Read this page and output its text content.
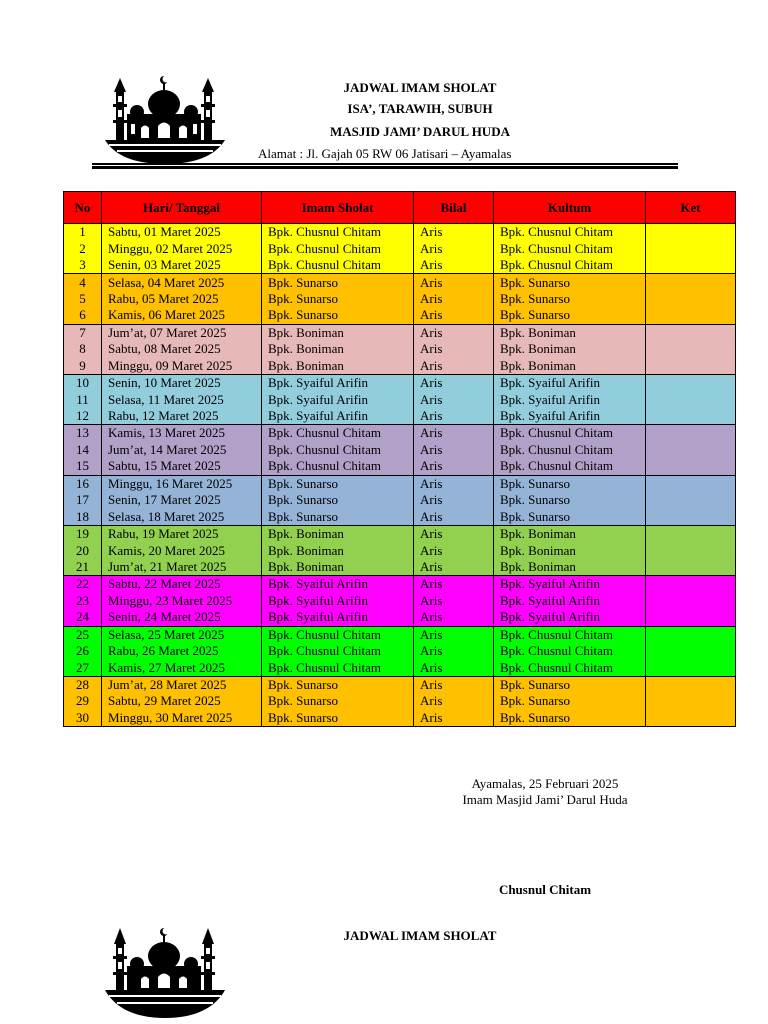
JADWAL IMAM SHOLAT
ISA’, TARAWIH, SUBUH
MASJID JAMI’ DARUL HUDA
Alamat : Jl. Gajah 05 RW 06 Jatisari – Ayamalas
No	Hari/ Tanggal	Imam Sholat	Bilal	Kultum	Ket
1	Sabtu, 01 Maret 2025	Bpk. Chusnul Chitam	Aris	Bpk. Chusnul Chitam	
2	Minggu, 02 Maret 2025	Bpk. Chusnul Chitam	Aris	Bpk. Chusnul Chitam	
3	Senin, 03 Maret 2025	Bpk. Chusnul Chitam	Aris	Bpk. Chusnul Chitam	
4	Selasa, 04 Maret 2025	Bpk. Sunarso	Aris	Bpk. Sunarso	
5	Rabu, 05 Maret 2025	Bpk. Sunarso	Aris	Bpk. Sunarso	
6	Kamis, 06 Maret 2025	Bpk. Sunarso	Aris	Bpk. Sunarso	
7	Jum’at, 07 Maret 2025	Bpk. Boniman	Aris	Bpk. Boniman	
8	Sabtu, 08 Maret 2025	Bpk. Boniman	Aris	Bpk. Boniman	
9	Minggu, 09 Maret 2025	Bpk. Boniman	Aris	Bpk. Boniman	
10	Senin, 10 Maret 2025	Bpk. Syaiful Arifin	Aris	Bpk. Syaiful Arifin	
11	Selasa, 11 Maret 2025	Bpk. Syaiful Arifin	Aris	Bpk. Syaiful Arifin	
12	Rabu, 12 Maret 2025	Bpk. Syaiful Arifin	Aris	Bpk. Syaiful Arifin	
13	Kamis, 13 Maret 2025	Bpk. Chusnul Chitam	Aris	Bpk. Chusnul Chitam	
14	Jum’at, 14 Maret 2025	Bpk. Chusnul Chitam	Aris	Bpk. Chusnul Chitam	
15	Sabtu, 15 Maret 2025	Bpk. Chusnul Chitam	Aris	Bpk. Chusnul Chitam	
16	Minggu, 16 Maret 2025	Bpk. Sunarso	Aris	Bpk. Sunarso	
17	Senin, 17 Maret 2025	Bpk. Sunarso	Aris	Bpk. Sunarso	
18	Selasa, 18 Maret 2025	Bpk. Sunarso	Aris	Bpk. Sunarso	
19	Rabu, 19 Maret 2025	Bpk. Boniman	Aris	Bpk. Boniman	
20	Kamis, 20 Maret 2025	Bpk. Boniman	Aris	Bpk. Boniman	
21	Jum’at, 21 Maret 2025	Bpk. Boniman	Aris	Bpk. Boniman	
22	Sabtu, 22 Maret 2025	Bpk. Syaiful Arifin	Aris	Bpk. Syaiful Arifin	
23	Minggu, 23 Maret 2025	Bpk. Syaiful Arifin	Aris	Bpk. Syaiful Arifin	
24	Senin, 24 Maret 2025	Bpk. Syaiful Arifin	Aris	Bpk. Syaiful Arifin	
25	Selasa, 25 Maret 2025	Bpk. Chusnul Chitam	Aris	Bpk. Chusnul Chitam	
26	Rabu, 26 Maret 2025	Bpk. Chusnul Chitam	Aris	Bpk. Chusnul Chitam	
27	Kamis, 27 Maret 2025	Bpk. Chusnul Chitam	Aris	Bpk. Chusnul Chitam	
28	Jum’at, 28 Maret 2025	Bpk. Sunarso	Aris	Bpk. Sunarso	
29	Sabtu, 29 Maret 2025	Bpk. Sunarso	Aris	Bpk. Sunarso	
30	Minggu, 30 Maret 2025	Bpk. Sunarso	Aris	Bpk. Sunarso	
Ayamalas, 25 Februari 2025
Imam Masjid Jami’ Darul Huda
Chusnul Chitam
JADWAL IMAM SHOLAT
